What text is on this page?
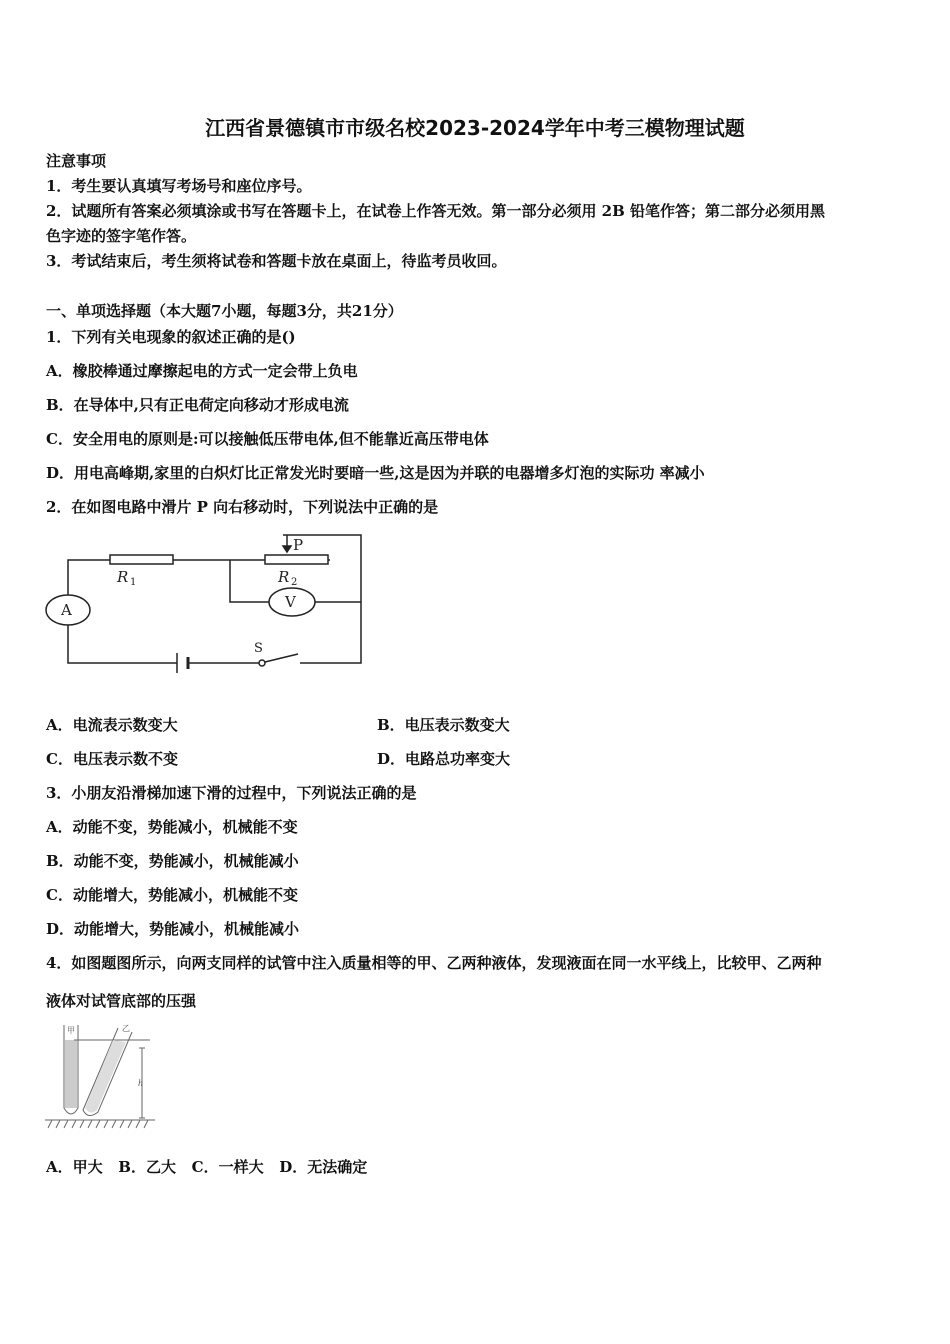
江西省景德镇市市级名校2023-2024学年中考三模物理试题
注意事项
1．考生要认真填写考场号和座位序号。
2．试题所有答案必须填涂或书写在答题卡上，在试卷上作答无效。第一部分必须用 2B 铅笔作答；第二部分必须用黑
色字迹的签字笔作答。
3．考试结束后，考生须将试卷和答题卡放在桌面上，待监考员收回。
一、单项选择题（本大题7小题，每题3分，共21分）
1．下列有关电现象的叙述正确的是()
A．橡胶棒通过摩擦起电的方式一定会带上负电
B．在导体中,只有正电荷定向移动才形成电流
C．安全用电的原则是:可以接触低压带电体,但不能靠近高压带电体
D．用电高峰期,家里的白炽灯比正常发光时要暗一些,这是因为并联的电器增多灯泡的实际功 率减小
2．在如图电路中滑片 P 向右移动时，下列说法中正确的是
R 1	R 2
P
A	V
S
A．电流表示数变大	B．电压表示数变大
C．电压表示数不变	D．电路总功率变大
3．小朋友沿滑梯加速下滑的过程中，下列说法正确的是
A．动能不变，势能减小，机械能不变
B．动能不变，势能减小，机械能减小
C．动能增大，势能减小，机械能不变
D．动能增大，势能减小，机械能减小
4．如图题图所示，向两支同样的试管中注入质量相等的甲、乙两种液体，发现液面在同一水平线上，比较甲、乙两种
液体对试管底部的压强
甲	乙
h
A．甲大   B．乙大   C．一样大   D．无法确定
